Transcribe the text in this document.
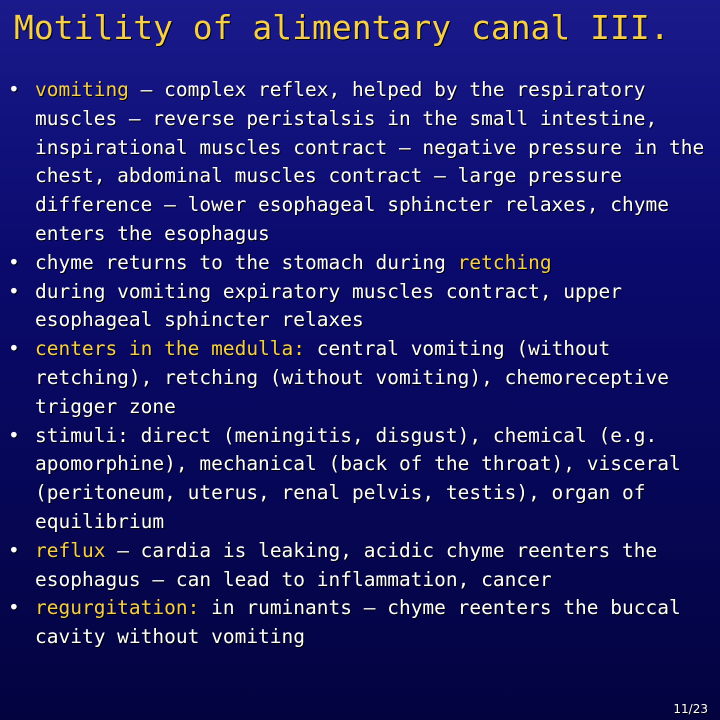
Motility of alimentary canal III.
• vomiting – complex reflex, helped by the respiratory muscles – reverse peristalsis in the small intestine, inspirational muscles contract – negative pressure in the chest, abdominal muscles contract – large pressure difference – lower esophageal sphincter relaxes, chyme enters the esophagus
• chyme returns to the stomach during retching
• during vomiting expiratory muscles contract, upper esophageal sphincter relaxes
• centers in the medulla: central vomiting (without retching), retching (without vomiting), chemoreceptive trigger zone
• stimuli: direct (meningitis, disgust), chemical (e.g. apomorphine), mechanical (back of the throat), visceral (peritoneum, uterus, renal pelvis, testis), organ of equilibrium
• reflux – cardia is leaking, acidic chyme reenters the esophagus – can lead to inflammation, cancer
• regurgitation: in ruminants – chyme reenters the buccal cavity without vomiting
11/23
